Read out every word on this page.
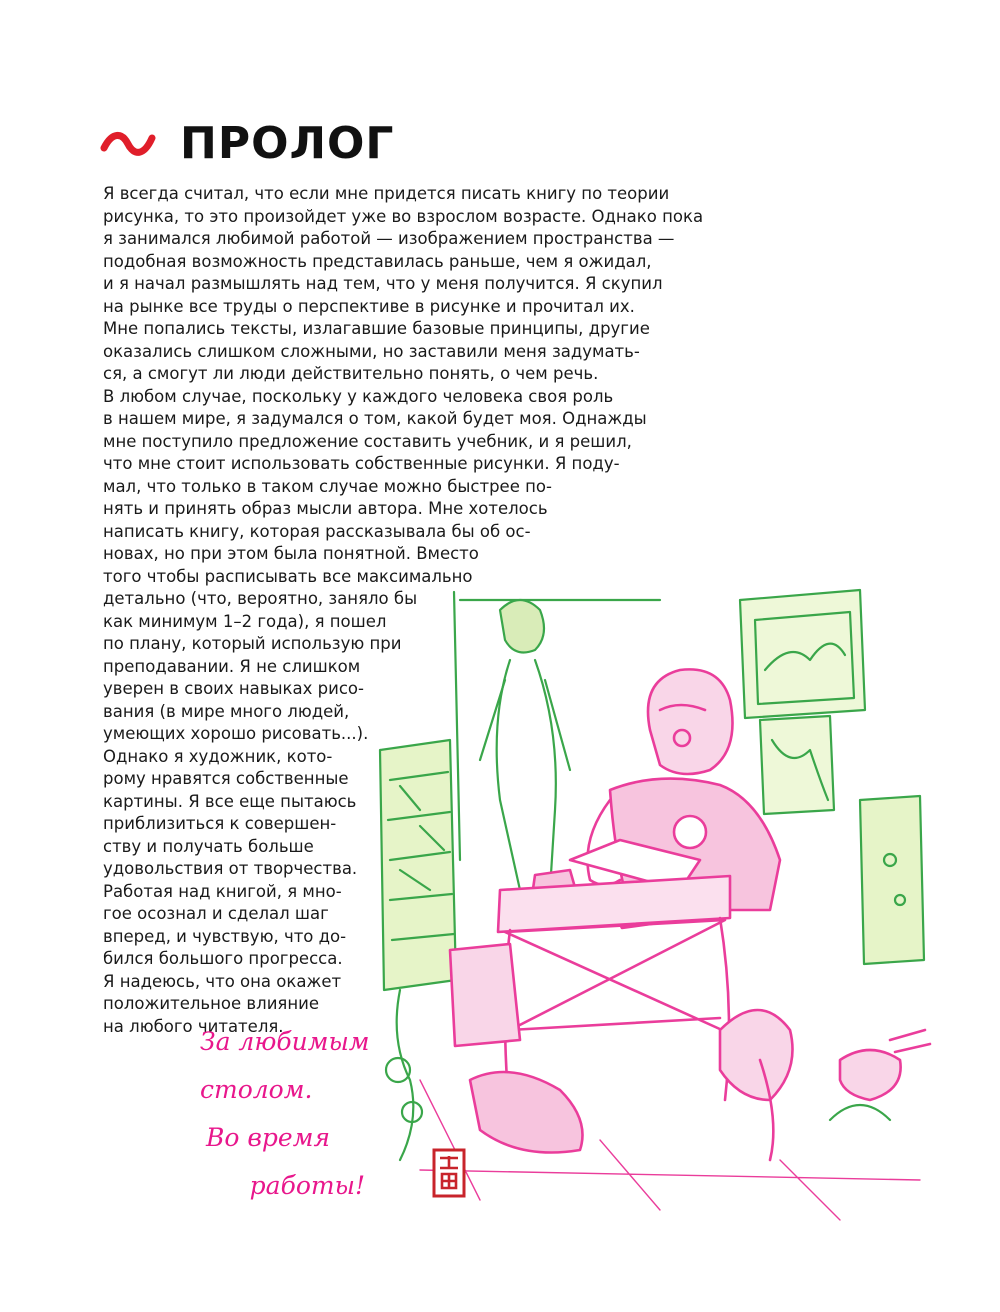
ПРОЛОГ
Я всегда считал, что если мне придется писать книгу по теории
рисунка, то это произойдет уже во взрослом возрасте. Однако пока
я занимался любимой работой — изображением пространства —
подобная возможность представилась раньше, чем я ожидал,
и я начал размышлять над тем, что у меня получится. Я скупил
на рынке все труды о перспективе в рисунке и прочитал их.
Мне попались тексты, излагавшие базовые принципы, другие
оказались слишком сложными, но заставили меня задумать-
ся, а смогут ли люди действительно понять, о чем речь.
В любом случае, поскольку у каждого человека своя роль
в нашем мире, я задумался о том, какой будет моя. Однажды
мне поступило предложение составить учебник, и я решил,
что мне стоит использовать собственные рисунки. Я поду-
мал, что только в таком случае можно быстрее по-
нять и принять образ мысли автора. Мне хотелось
написать книгу, которая рассказывала бы об ос-
новах, но при этом была понятной. Вместо
того чтобы расписывать все максимально
детально (что, вероятно, заняло бы
как минимум 1–2 года), я пошел
по плану, который использую при
преподавании. Я не слишком
уверен в своих навыках рисо-
вания (в мире много людей,
умеющих хорошо рисовать...).
Однако я художник, кото-
рому нравятся собственные
картины. Я все еще пытаюсь
приблизиться к совершен-
ству и получать больше
удовольствия от творчества.
Работая над книгой, я мно-
гое осознал и сделал шаг
вперед, и чувствую, что до-
бился большого прогресса.
Я надеюсь, что она окажет
положительное влияние
на любого читателя.
За любимым
столом.
Во время
работы!
